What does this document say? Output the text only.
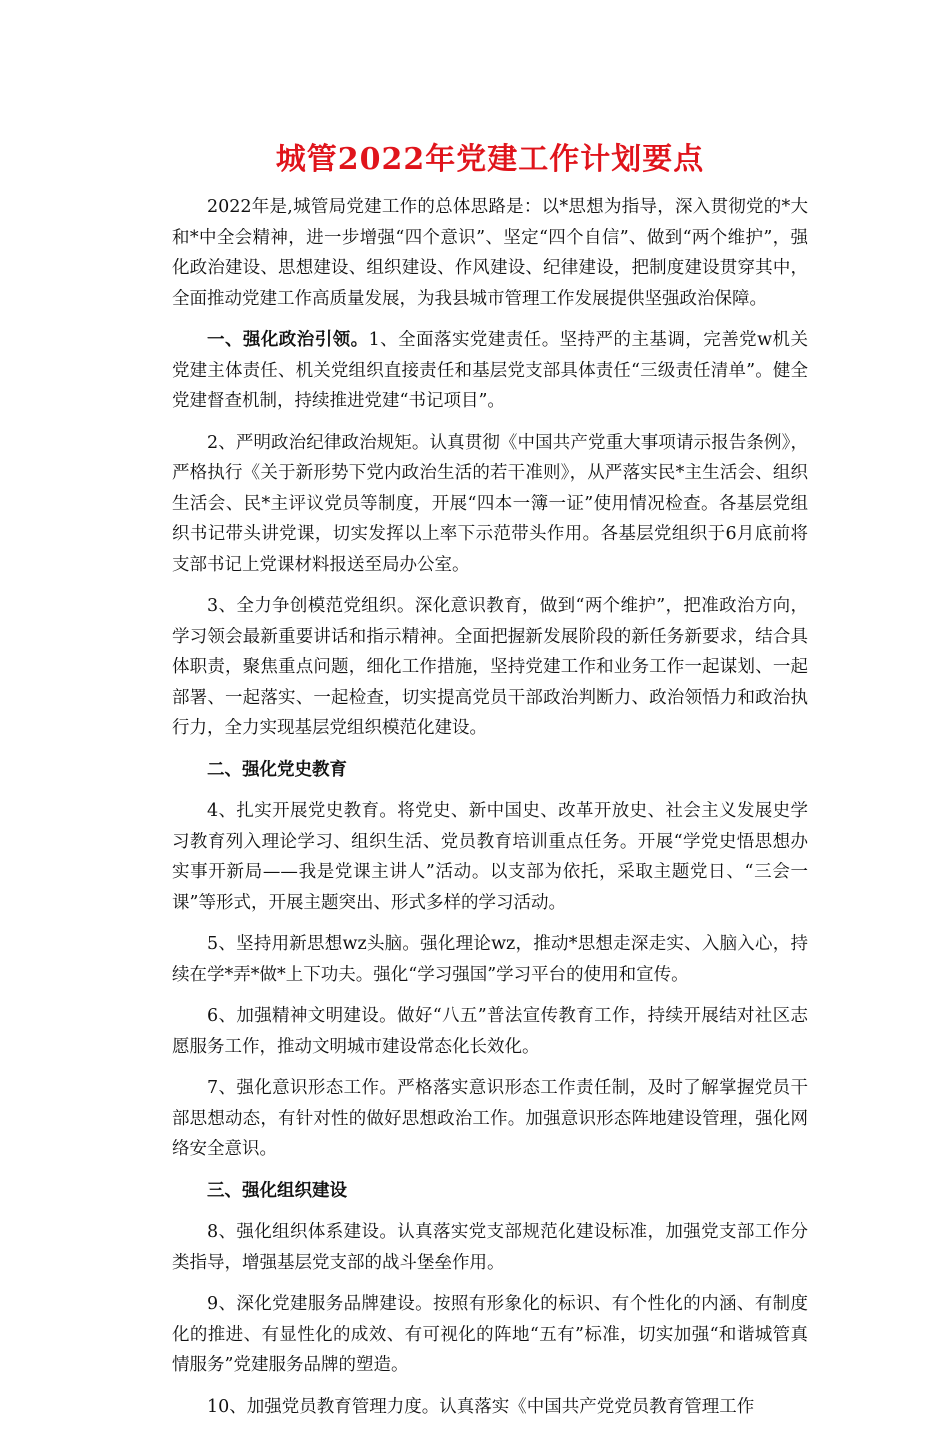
城管2022年党建工作计划要点

2022年是,城管局党建工作的总体思路是：以*思想为指导，深入贯彻党的*大和*中全会精神，进一步增强“四个意识”、坚定“四个自信”、做到“两个维护”，强化政治建设、思想建设、组织建设、作风建设、纪律建设，把制度建设贯穿其中，全面推动党建工作高质量发展，为我县城市管理工作发展提供坚强政治保障。

一、强化政治引领。1、全面落实党建责任。坚持严的主基调，完善党w机关党建主体责任、机关党组织直接责任和基层党支部具体责任“三级责任清单”。健全党建督查机制，持续推进党建“书记项目”。

2、严明政治纪律政治规矩。认真贯彻《中国共产党重大事项请示报告条例》，严格执行《关于新形势下党内政治生活的若干准则》，从严落实民*主生活会、组织生活会、民*主评议党员等制度，开展“四本一簿一证”使用情况检查。各基层党组织书记带头讲党课，切实发挥以上率下示范带头作用。各基层党组织于6月底前将支部书记上党课材料报送至局办公室。

3、全力争创模范党组织。深化意识教育，做到“两个维护”，把准政治方向，学习领会最新重要讲话和指示精神。全面把握新发展阶段的新任务新要求，结合具体职责，聚焦重点问题，细化工作措施，坚持党建工作和业务工作一起谋划、一起部署、一起落实、一起检查，切实提高党员干部政治判断力、政治领悟力和政治执行力，全力实现基层党组织模范化建设。

二、强化党史教育

4、扎实开展党史教育。将党史、新中国史、改革开放史、社会主义发展史学习教育列入理论学习、组织生活、党员教育培训重点任务。开展“学党史悟思想办实事开新局——我是党课主讲人”活动。以支部为依托，采取主题党日、“三会一课”等形式，开展主题突出、形式多样的学习活动。

5、坚持用新思想wz头脑。强化理论wz，推动*思想走深走实、入脑入心，持续在学*弄*做*上下功夫。强化“学习强国”学习平台的使用和宣传。

6、加强精神文明建设。做好“八五”普法宣传教育工作，持续开展结对社区志愿服务工作，推动文明城市建设常态化长效化。

7、强化意识形态工作。严格落实意识形态工作责任制，及时了解掌握党员干部思想动态，有针对性的做好思想政治工作。加强意识形态阵地建设管理，强化网络安全意识。

三、强化组织建设

8、强化组织体系建设。认真落实党支部规范化建设标准，加强党支部工作分类指导，增强基层党支部的战斗堡垒作用。

9、深化党建服务品牌建设。按照有形象化的标识、有个性化的内涵、有制度化的推进、有显性化的成效、有可视化的阵地“五有”标准，切实加强“和谐城管真情服务”党建服务品牌的塑造。

10、加强党员教育管理力度。认真落实《中国共产党党员教育管理工作
